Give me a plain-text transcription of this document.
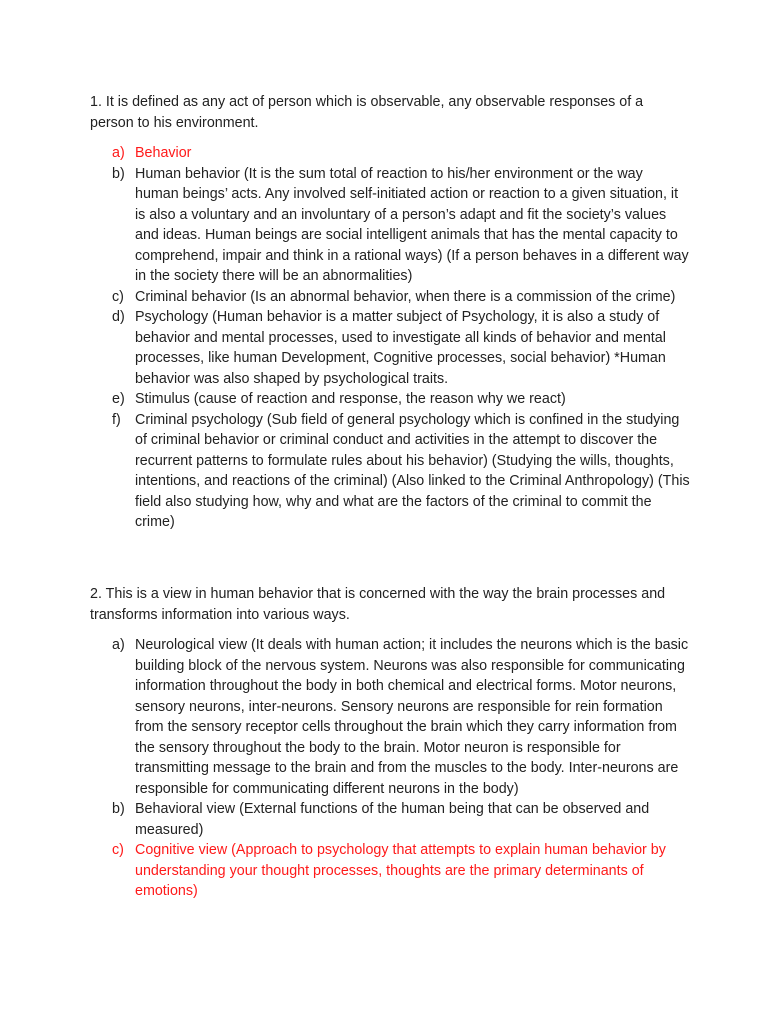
1. It is defined as any act of person which is observable, any observable responses of a person to his environment.

a) Behavior
b) Human behavior (It is the sum total of reaction to his/her environment or the way human beings’ acts. Any involved self-initiated action or reaction to a given situation, it is also a voluntary and an involuntary of a person’s adapt and fit the society’s values and ideas. Human beings are social intelligent animals that has the mental capacity to comprehend, impair and think in a rational ways) (If a person behaves in a different way in the society there will be an abnormalities)
c) Criminal behavior (Is an abnormal behavior, when there is a commission of the crime)
d) Psychology (Human behavior is a matter subject of Psychology, it is also a study of behavior and mental processes, used to investigate all kinds of behavior and mental processes, like human Development, Cognitive processes, social behavior) *Human behavior was also shaped by psychological traits.
e) Stimulus (cause of reaction and response, the reason why we react)
f) Criminal psychology (Sub field of general psychology which is confined in the studying of criminal behavior or criminal conduct and activities in the attempt to discover the recurrent patterns to formulate rules about his behavior) (Studying the wills, thoughts, intentions, and reactions of the criminal) (Also linked to the Criminal Anthropology) (This field also studying how, why and what are the factors of the criminal to commit the crime)

2. This is a view in human behavior that is concerned with the way the brain processes and transforms information into various ways.

a) Neurological view (It deals with human action; it includes the neurons which is the basic building block of the nervous system. Neurons was also responsible for communicating information throughout the body in both chemical and electrical forms. Motor neurons, sensory neurons, inter-neurons. Sensory neurons are responsible for rein formation from the sensory receptor cells throughout the brain which they carry information from the sensory throughout the body to the brain. Motor neuron is responsible for transmitting message to the brain and from the muscles to the body. Inter-neurons are responsible for communicating different neurons in the body)
b) Behavioral view (External functions of the human being that can be observed and measured)
c) Cognitive view (Approach to psychology that attempts to explain human behavior by understanding your thought processes, thoughts are the primary determinants of emotions)
